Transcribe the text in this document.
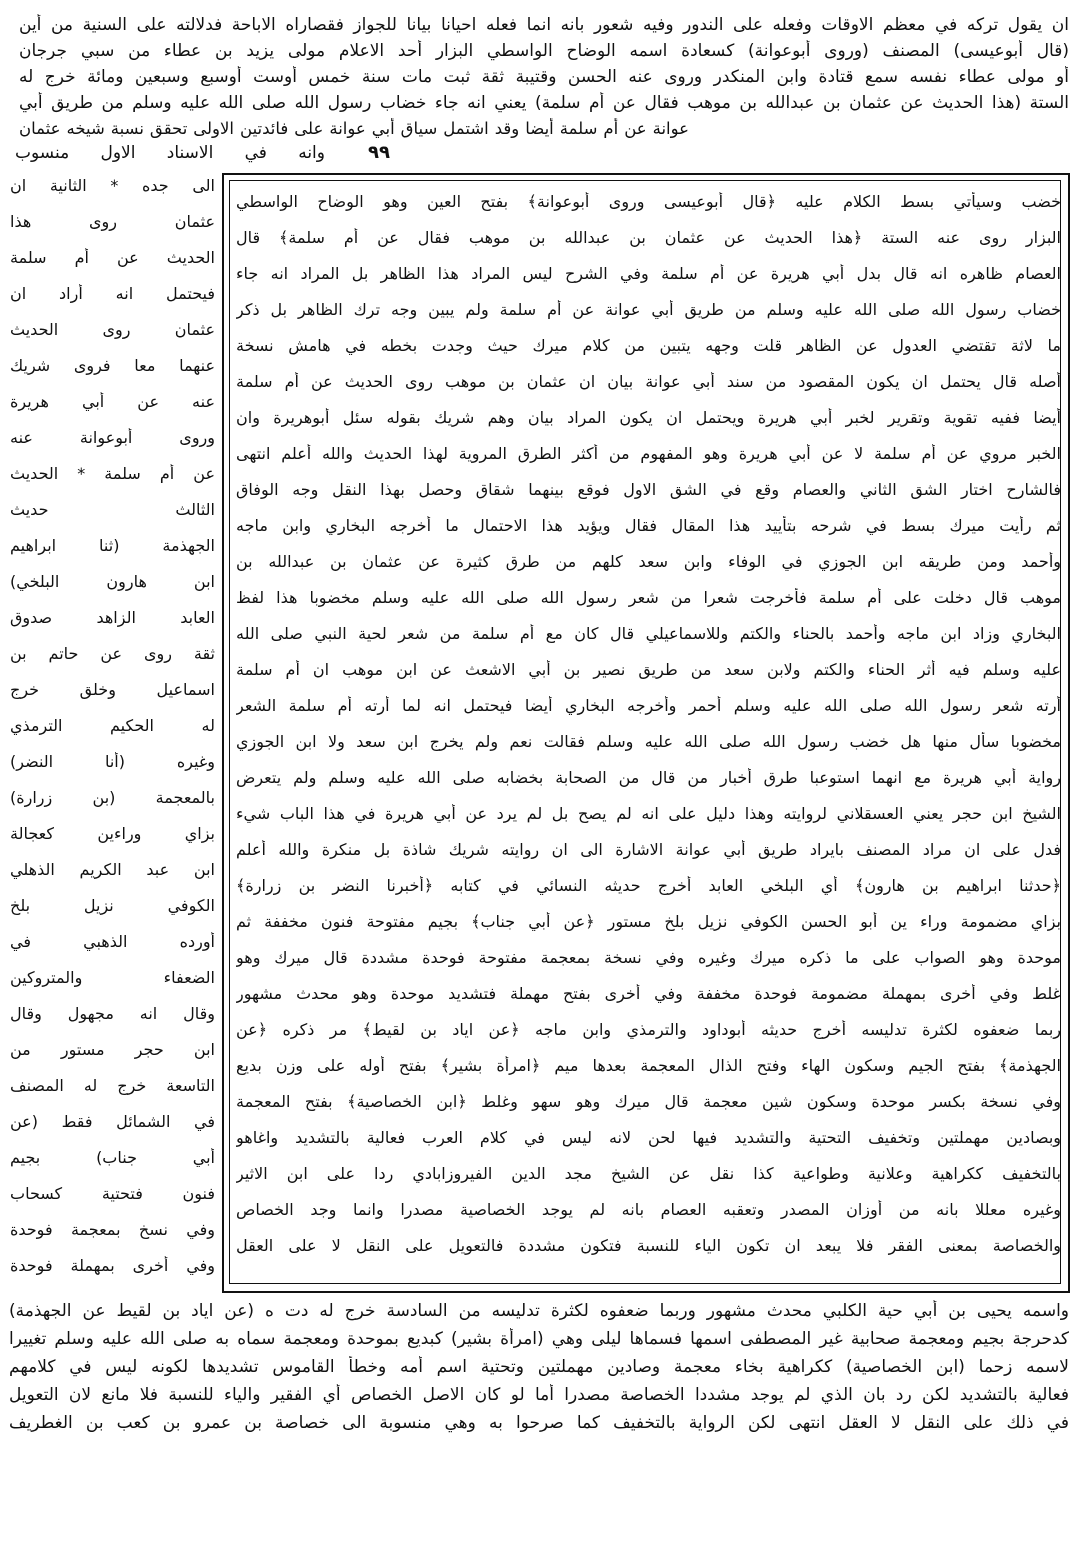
ان يقول تركه في معظم الاوقات وفعله على الندور وفيه شعور بانه انما فعله احيانا بيانا للجواز فقصاراه الاباحة فدلالته على السنية من أين
(قال أبوعيسى) المصنف (وروى أبوعوانة) كسعادة اسمه الوضاح الواسطي البزار أحد الاعلام مولى يزيد بن عطاء من سبي جرجان
أو مولى عطاء نفسه سمع قتادة وابن المنكدر وروى عنه الحسن وقتيبة ثقة ثبت مات سنة خمس أوست أوسبع وسبعين ومائة خرج له
الستة (هذا الحديث عن عثمان بن عبدالله بن موهب فقال عن أم سلمة) يعني انه جاء خضاب رسول الله صلى الله عليه وسلم من طريق أبي
عوانة عن أم سلمة أيضا وقد اشتمل سياق أبي عوانة على فائدتين الاولى تحقق نسبة شيخه عثمان
٩٩
وانه في الاسناد الاول منسوب
خضب وسيأتي بسط الكلام عليه ﴿قال أبوعيسى وروى أبوعوانة﴾ بفتح العين وهو الوضاح الواسطي
البزار روى عنه الستة ﴿هذا الحديث عن عثمان بن عبدالله بن موهب فقال عن أم سلمة﴾ قال
العصام ظاهره انه قال بدل أبي هريرة عن أم سلمة وفي الشرح ليس المراد هذا الظاهر بل المراد انه جاء
خضاب رسول الله صلى الله عليه وسلم من طريق أبي عوانة عن أم سلمة ولم يبين وجه ترك الظاهر بل ذكر
ما لاثة تقتضي العدول عن الظاهر قلت وجهه يتبين من كلام ميرك حيث وجدت بخطه في هامش نسخة
أصله قال يحتمل ان يكون المقصود من سند أبي عوانة بيان ان عثمان بن موهب روى الحديث عن أم سلمة
أيضا ففيه تقوية وتقرير لخبر أبي هريرة ويحتمل ان يكون المراد بيان وهم شريك بقوله سئل أبوهريرة وان
الخبر مروي عن أم سلمة لا عن أبي هريرة وهو المفهوم من أكثر الطرق المروية لهذا الحديث والله أعلم انتهى
فالشارح اختار الشق الثاني والعصام وقع في الشق الاول فوقع بينهما شقاق وحصل بهذا النقل وجه الوفاق
ثم رأيت ميرك بسط في شرحه بتأييد هذا المقال فقال ويؤيد هذا الاحتمال ما أخرجه البخاري وابن ماجه
وأحمد ومن طريقه ابن الجوزي في الوفاء وابن سعد كلهم من طرق كثيرة عن عثمان بن عبدالله بن
موهب قال دخلت على أم سلمة فأخرجت شعرا من شعر رسول الله صلى الله عليه وسلم مخضوبا هذا لفظ
البخاري وزاد ابن ماجه وأحمد بالحناء والكتم وللاسماعيلي قال كان مع أم سلمة من شعر لحية النبي صلى الله
عليه وسلم فيه أثر الحناء والكتم ولابن سعد من طريق نصير بن أبي الاشعث عن ابن موهب ان أم سلمة
أرته شعر رسول الله صلى الله عليه وسلم أحمر وأخرجه البخاري أيضا فيحتمل انه لما أرته أم سلمة الشعر
مخضوبا سأل منها هل خضب رسول الله صلى الله عليه وسلم فقالت نعم ولم يخرج ابن سعد ولا ابن الجوزي
رواية أبي هريرة مع انهما استوعبا طرق أخبار من قال من الصحابة بخضابه صلى الله عليه وسلم ولم يتعرض
الشيخ ابن حجر يعني العسقلاني لروايته وهذا دليل على انه لم يصح بل لم يرد عن أبي هريرة في هذا الباب شيء
فدل على ان مراد المصنف بايراد طريق أبي عوانة الاشارة الى ان روايته شريك شاذة بل منكرة والله أعلم
﴿حدثنا ابراهيم بن هارون﴾ أي البلخي العابد أخرج حديثه النسائي في كتابه ﴿أخبرنا النضر بن زرارة﴾
بزاي مضمومة وراء ين أبو الحسن الكوفي نزيل بلخ مستور ﴿عن أبي جناب﴾ بجيم مفتوحة فنون مخففة ثم
موحدة وهو الصواب على ما ذكره ميرك وغيره وفي نسخة بمعجمة مفتوحة فوحدة مشددة قال ميرك وهو
غلط وفي أخرى بمهملة مضمومة فوحدة مخففة وفي أخرى بفتح مهملة فتشديد موحدة وهو محدث مشهور
ربما ضعفوه لكثرة تدليسه أخرج حديثه أبوداود والترمذي وابن ماجه ﴿عن اياد بن لقيط﴾ مر ذكره ﴿عن
الجهذمة﴾ بفتح الجيم وسكون الهاء وفتح الذال المعجمة بعدها ميم ﴿امرأة بشير﴾ بفتح أوله على وزن بديع
وفي نسخة بكسر موحدة وسكون شين معجمة قال ميرك وهو سهو وغلط ﴿ابن الخصاصية﴾ بفتح المعجمة
وبصادين مهملتين وتخفيف التحتية والتشديد فيها لحن لانه ليس في كلام العرب فعالية بالتشديد واغاهو
بالتخفيف ككراهية وعلانية وطواعية كذا نقل عن الشيخ مجد الدين الفيروزابادي ردا على ابن الاثير
وغيره معللا بانه من أوزان المصدر وتعقبه العصام بانه لم يوجد الخصاصية مصدرا وانما وجد الخصاص
والخصاصة بمعنى الفقر فلا يبعد ان تكون الياء للنسبة فتكون مشددة فالتعويل على النقل لا على العقل
الى جده * الثانية ان
عثمان روى هذا
الحديث عن أم سلمة
فيحتمل انه أراد ان
عثمان روى الحديث
عنهما معا فروى شريك
عنه عن أبي هريرة
وروى أبوعوانة عنه
عن أم سلمة * الحديث
الثالث حديث
الجهذمة (ثنا ابراهيم
ابن هارون البلخي)
العابد الزاهد صدوق
ثقة روى عن حاتم بن
اسماعيل وخلق خرج
له الحكيم الترمذي
وغيره (أنا النضر)
بالمعجمة (بن زرارة)
بزاي وراءين كعجالة
ابن عبد الكريم الذهلي
الكوفي نزيل بلخ
أورده الذهبي في
الضعفاء والمتروكين
وقال انه مجهول وقال
ابن حجر مستور من
التاسعة خرج له المصنف
في الشمائل فقط (عن
أبي جناب) بجيم
فنون فتحتية كسحاب
وفي نسخ بمعجمة فوحدة
وفي أخرى بمهملة فوحدة
واسمه يحيى بن أبي حية الكلبي محدث مشهور وربما ضعفوه لكثرة تدليسه من السادسة خرج له دت ه (عن اياد بن لقيط عن الجهذمة)
كدحرجة بجيم ومعجمة صحابية غير المصطفى اسمها فسماها ليلى وهي (امرأة بشير) كبديع بموحدة ومعجمة سماه به صلى الله عليه وسلم تغييرا
لاسمه زحما (ابن الخصاصية) ككراهية بخاء معجمة وصادين مهملتين وتحتية اسم أمه وخطأ القاموس تشديدها لكونه ليس في كلامهم
فعالية بالتشديد لكن رد بان الذي لم يوجد مشددا الخصاصة مصدرا أما لو كان الاصل الخصاص أي الفقير والياء للنسبة فلا مانع لان التعويل
في ذلك على النقل لا العقل انتهى لكن الرواية بالتخفيف كما صرحوا به وهي منسوبة الى خصاصة بن عمرو بن كعب بن الغطريف
